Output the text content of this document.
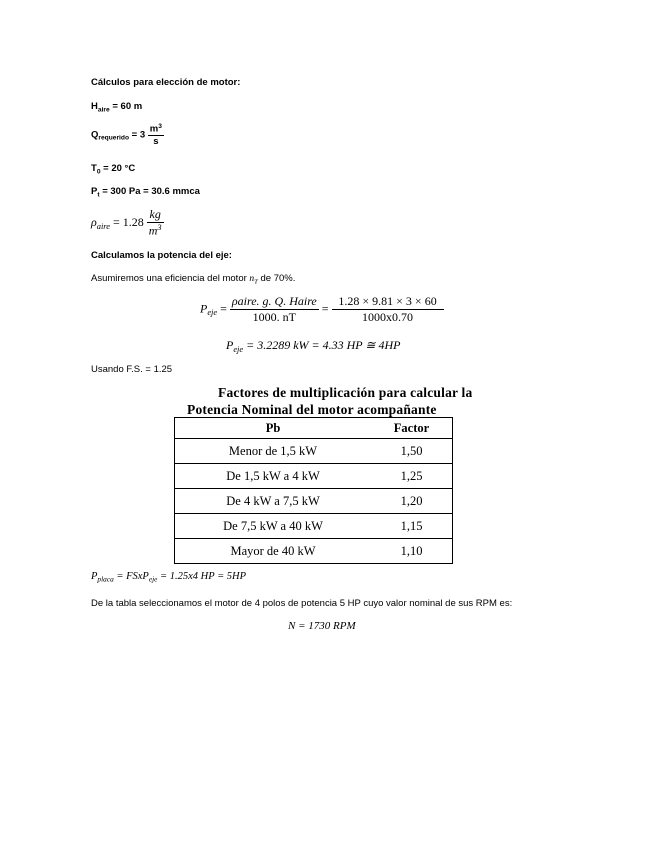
Cálculos para elección de motor:
$H_{aire} = 60$ m
$Q_{requerido} = 3 \frac{m^3}{s}$
$T_0 = 20$ °C
$P_t = 300$ Pa = 30.6 mmca
$\rho_{aire} = 1.28 \frac{kg}{m^3}$
Calculamos la potencia del eje:
Asumiremos una eficiencia del motor $n_T$ de 70%.
$P_{eje} = \frac{\text{ρaire. g. Q. Haire}}{1000. nT} = \frac{1.28 \times 9.81 \times 3 \times 60}{1000x0.70}$
$P_{eje} = 3.2289$ kW = 4.33 HP ≅ 4HP
Usando F.S. = 1.25
Factores de multiplicación para calcular la
Potencia Nominal del motor acompañante
Pb	Factor
Menor de 1,5 kW	1,50
De 1,5 kW a 4 kW	1,25
De 4 kW a 7,5 kW	1,20
De 7,5 kW a 40 kW	1,15
Mayor de 40 kW	1,10
$P_{placa}$ = FSxP$_{eje}$ = 1.25x4 HP = 5HP
De la tabla seleccionamos el motor de 4 polos de potencia 5 HP cuyo valor nominal de sus RPM es:
N = 1730 RPM
